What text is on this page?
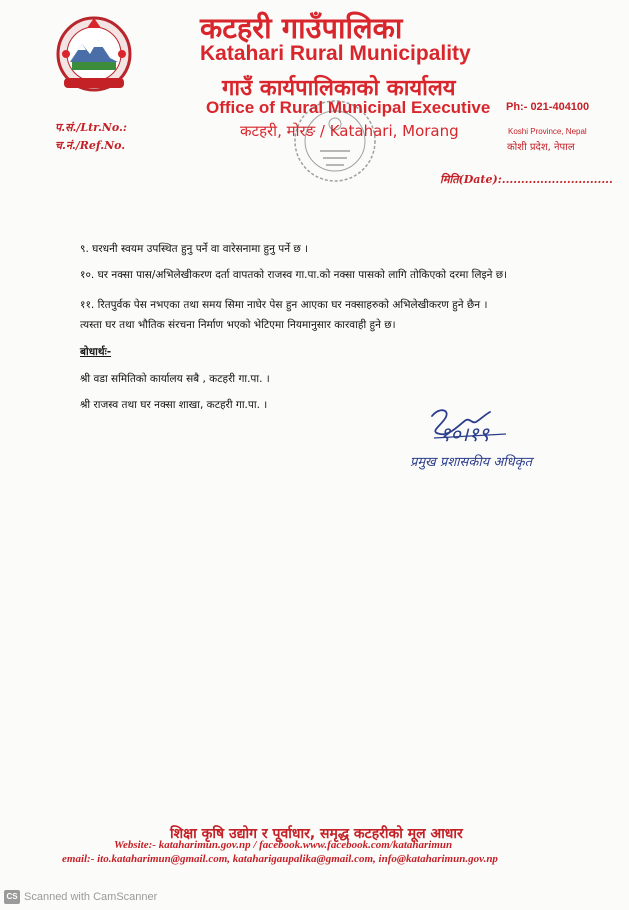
कटहरी गाउँपालिका
Katahari Rural Municipality
गाउँ कार्यपालिकाको कार्यालय
Office of Rural Municipal Executive
कटहरी, मोरङ / Katahari, Morang
Ph:- 021-404100
Koshi Province, Nepal
कोशी प्रदेश, नेपाल
प.सं./Ltr.No.:
च.नं./Ref.No.
मिति(Date):.............................
९. घरधनी स्वयम उपस्थित हुनु पर्ने वा वारेसनामा हुनु पर्ने छ ।
१०. घर नक्सा पास/अभिलेखीकरण दर्ता वापतको राजस्व गा.पा.को नक्सा पासको लागि तोकिएको दरमा लिइने छ।
११. रितपुर्वक पेस नभएका तथा समय सिमा नाघेर पेस हुन आएका घर नक्साहरुको अभिलेखीकरण हुने छैन ।
त्यस्ता घर तथा भौतिक संरचना निर्माण भएको भेटिएमा नियमानुसार कारवाही हुने छ।
बोधार्थः-
श्री वडा समितिको कार्यालय सबै , कटहरी गा.पा. ।
श्री राजस्व तथा घर नक्सा शाखा, कटहरी गा.पा. ।
१०।१९
प्रमुख प्रशासकीय अधिकृत
शिक्षा कृषि उद्योग र पूर्वाधार, समृद्ध कटहरीको मूल आधार
Website:- kataharimun.gov.np / facebook.www.facebook.com/kataharimun
email:- ito.kataharimun@gmail.com, kataharigaupalika@gmail.com, info@kataharimun.gov.np
CS Scanned with CamScanner
